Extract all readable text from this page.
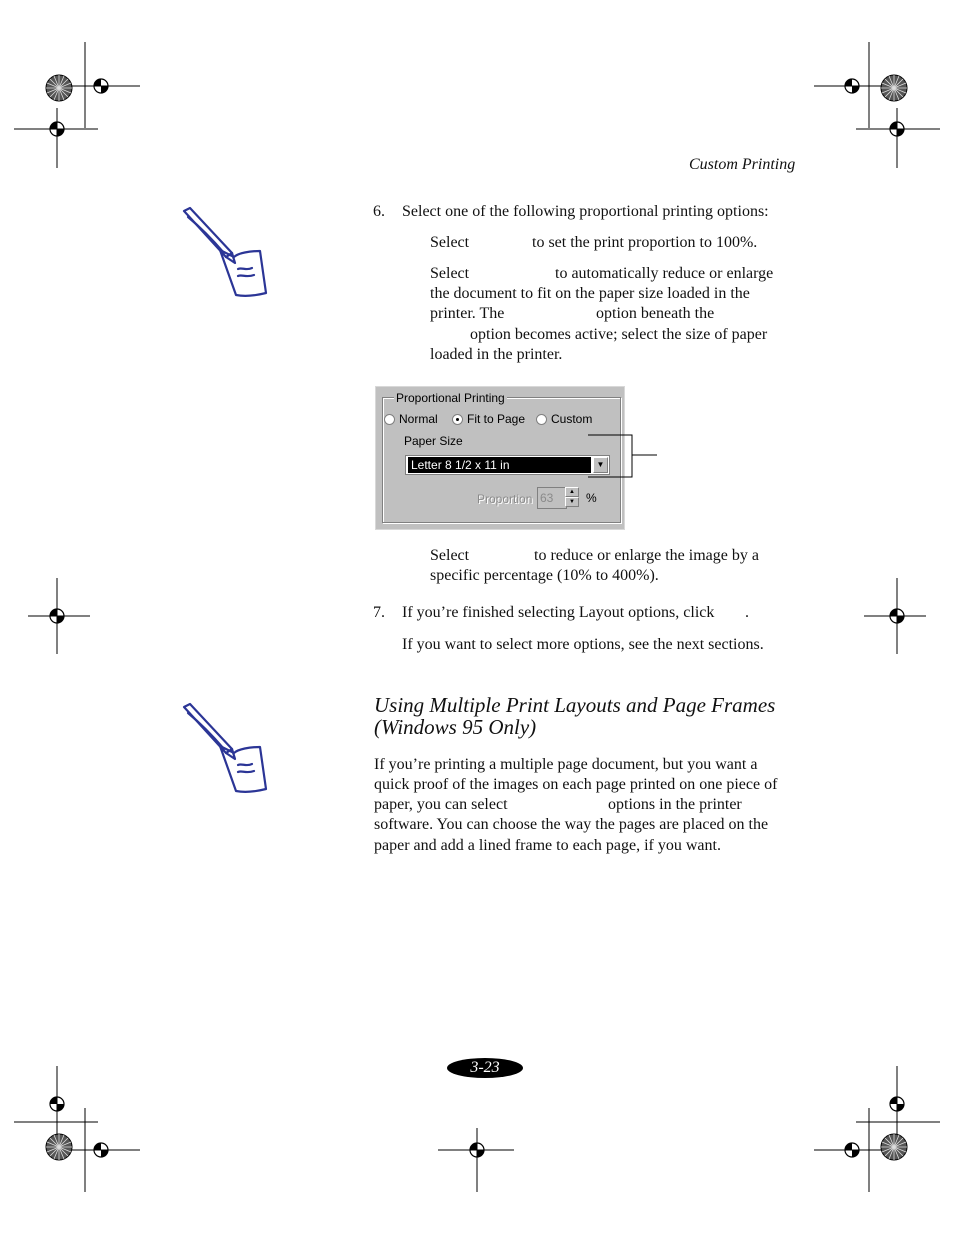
Custom Printing
6. Select one of the following proportional printing options:
Select	to set the print proportion to 100%.
Select	to automatically reduce or enlarge
the document to fit on the paper size loaded in the
printer. The	option beneath the
option becomes active; select the size of paper
loaded in the printer.
Proportional Printing
Normal Fit to Page Custom
Paper Size
Letter 8 1/2 x 11 in	▼
Proportion 63	▲
▼ %
Select	to reduce or enlarge the image by a
specific percentage (10% to 400%).
7. If you’re finished selecting Layout options, click .
If you want to select more options, see the next sections.
Using Multiple Print Layouts and Page Frames
(Windows 95 Only)
If you’re printing a multiple page document, but you want a
quick proof of the images on each page printed on one piece of
paper, you can select	options in the printer
software. You can choose the way the pages are placed on the
paper and add a lined frame to each page, if you want.
3-23
